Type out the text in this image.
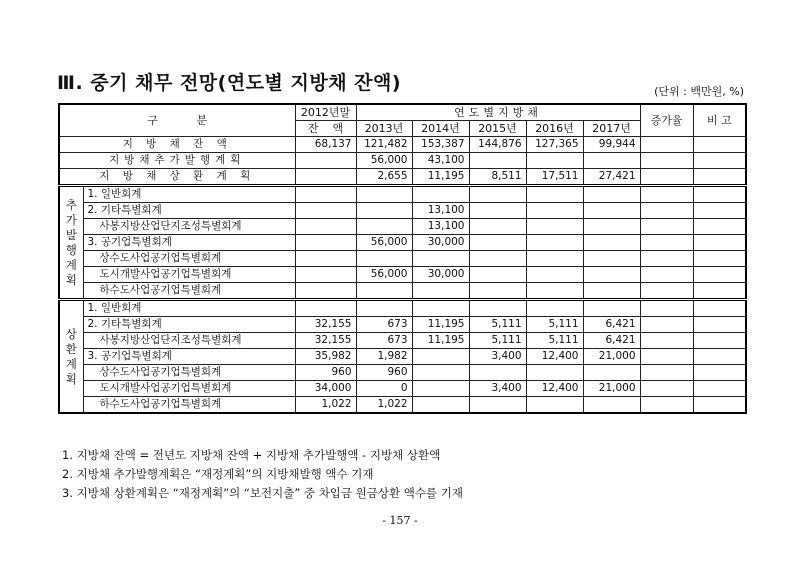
Ⅲ. 중기 채무 전망(연도별 지방채 잔액)	(단위 : 백만원, %)
구           분		2012년말	연도별지방채					증가율	비 고
		잔    액	2013년	2014년	2015년	2016년	2017년		
지 방 채 잔 액		68,137	121,482	153,387	144,876	127,365	99,944		
지방채추가발행계획			56,000	43,100					
지 방 채 상 환 계 획			2,655	11,195	8,511	17,511	27,421		
추가발행계획	1. 일반회계								
	2. 기타특별회계			13,100					
	사봉지방산업단지조성특별회계			13,100					
	3. 공기업특별회계		56,000	30,000					
	상수도사업공기업특별회계								
	도시개발사업공기업특별회계		56,000	30,000					
	하수도사업공기업특별회계								
상환계획	1. 일반회계								
	2. 기타특별회계	32,155	673	11,195	5,111	5,111	6,421		
	사봉지방산업단지조성특별회계	32,155	673	11,195	5,111	5,111	6,421		
	3. 공기업특별회계	35,982	1,982		3,400	12,400	21,000		
	상수도사업공기업특별회계	960	960						
	도시개발사업공기업특별회계	34,000	0		3,400	12,400	21,000		
	하수도사업공기업특별회계	1,022	1,022						
1. 지방채 잔액 = 전년도 지방채 잔액 + 지방채 추가발행액 - 지방채 상환액
2. 지방채 추가발행계획은 “재정계획”의 지방채발행 액수 기재
3. 지방채 상환계획은 “재정계획”의 “보전지출” 중 차입금 원금상환 액수를 기재
- 157 -
